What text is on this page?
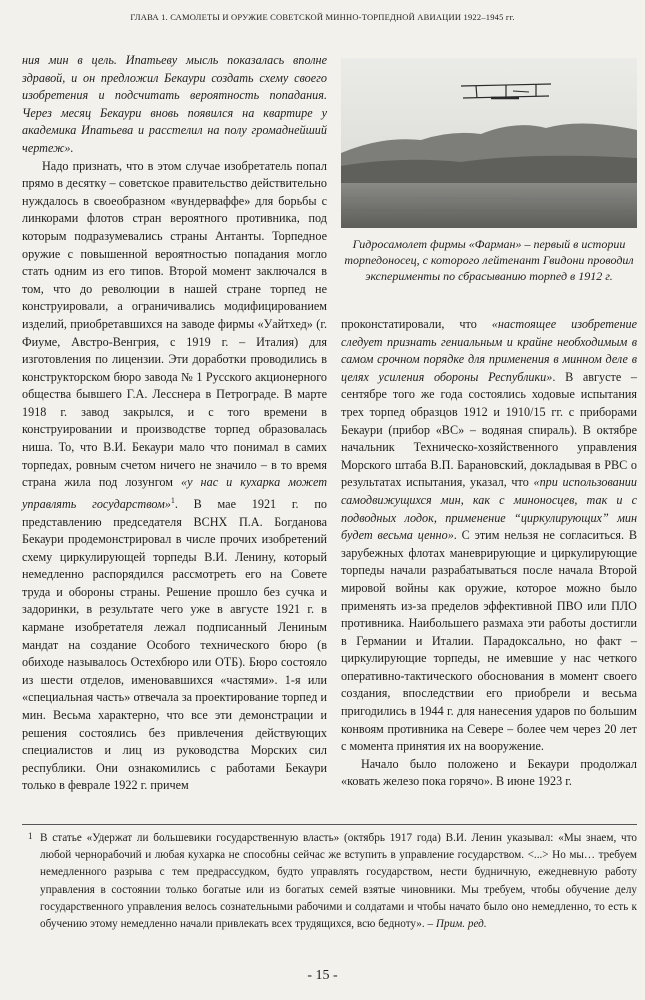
ГЛАВА 1. САМОЛЕТЫ И ОРУЖИЕ СОВЕТСКОЙ МИННО-ТОРПЕДНОЙ АВИАЦИИ 1922–1945 гг.

ния мин в цель. Ипатьеву мысль показалась вполне здравой, и он предложил Бекаури создать схему своего изобретения и подсчитать вероятность попадания. Через месяц Бекаури вновь появился на квартире у академика Ипатьева и расстелил на полу громаднейший чертеж».

Надо признать, что в этом случае изобретатель попал прямо в десятку – советское правительство действительно нуждалось в своеобразном «вундерваффе» для борьбы с линкорами флотов стран вероятного противника, под которым подразумевались страны Антанты. Торпедное оружие с повышенной вероятностью попадания могло стать одним из его типов. Второй момент заключался в том, что до революции в нашей стране торпед не конструировали, а ограничивались модифицированием изделий, приобретавшихся на заводе фирмы «Уайтхед» (г. Фиуме, Австро-Венгрия, с 1919 г. – Италия) для изготовления по лицензии. Эти доработки проводились в конструкторском бюро завода № 1 Русского акционерного общества бывшего Г.А. Лесснера в Петрограде. В марте 1918 г. завод закрылся, и с того времени в конструировании и производстве торпед образовалась ниша. То, что В.И. Бекаури мало что понимал в самих торпедах, ровным счетом ничего не значило – в то время страна жила под лозунгом «у нас и кухарка может управлять государством»$^1$. В мае 1921 г. по представлению председателя ВСНХ П.А. Богданова Бекаури продемонстрировал в числе прочих изобретений схему циркулирующей торпеды В.И. Ленину, который немедленно распорядился рассмотреть его на Совете труда и обороны страны. Решение прошло без сучка и задоринки, в результате чего уже в августе 1921 г. в кармане изобретателя лежал подписанный Лениным мандат на создание Особого технического бюро (в обиходе называлось Остехбюро или ОТБ). Бюро состояло из шести отделов, именовавшихся «частями». 1-я или «специальная часть» отвечала за проектирование торпед и мин. Весьма характерно, что все эти демонстрации и решения состоялись без привлечения действующих специалистов и лиц из руководства Морских сил республики. Они ознакомились с работами Бекаури только в феврале 1922 г. причем

Гидросамолет фирмы «Фарман» – первый в истории торпедоносец, с которого лейтенант Гвидони проводил эксперименты по сбрасыванию торпед в 1912 г.

проконстатировали, что «настоящее изобретение следует признать гениальным и крайне необходимым в самом срочном порядке для применения в минном деле в целях усиления обороны Республики». В августе – сентябре того же года состоялись ходовые испытания трех торпед образцов 1912 и 1910/15 гг. с приборами Бекаури (прибор «ВС» – водяная спираль). В октябре начальник Техническо-хозяйственного управления Морского штаба В.П. Барановский, докладывая в РВС о результатах испытания, указал, что «при использовании самодвижущихся мин, как с миноносцев, так и с подводных лодок, применение “циркулирующих” мин будет весьма ценно». С этим нельзя не согласиться. В зарубежных флотах маневрирующие и циркулирующие торпеды начали разрабатываться после начала Второй мировой войны как оружие, которое можно было применять из-за пределов эффективной ПВО или ПЛО противника. Наибольшего размаха эти работы достигли в Германии и Италии. Парадоксально, но факт – циркулирующие торпеды, не имевшие у нас четкого оперативно-тактического обоснования в момент своего создания, впоследствии его приобрели и весьма пригодились в 1944 г. для нанесения ударов по большим конвоям противника на Севере – более чем через 20 лет с момента принятия их на вооружение.

Начало было положено и Бекаури продолжал «ковать железо пока горячо». В июне 1923 г.

1 В статье «Удержат ли большевики государственную власть» (октябрь 1917 года) В.И. Ленин указывал: «Мы знаем, что любой чернорабочий и любая кухарка не способны сейчас же вступить в управление государством. <...> Но мы… требуем немедленного разрыва с тем предрассудком, будто управлять государством, нести будничную, ежедневную работу управления в состоянии только богатые или из богатых семей взятые чиновники. Мы требуем, чтобы обучение делу государственного управления велось сознательными рабочими и солдатами и чтобы начато было оно немедленно, то есть к обучению этому немедленно начали привлекать всех трудящихся, всю бедноту». – Прим. ред.

- 15 -
